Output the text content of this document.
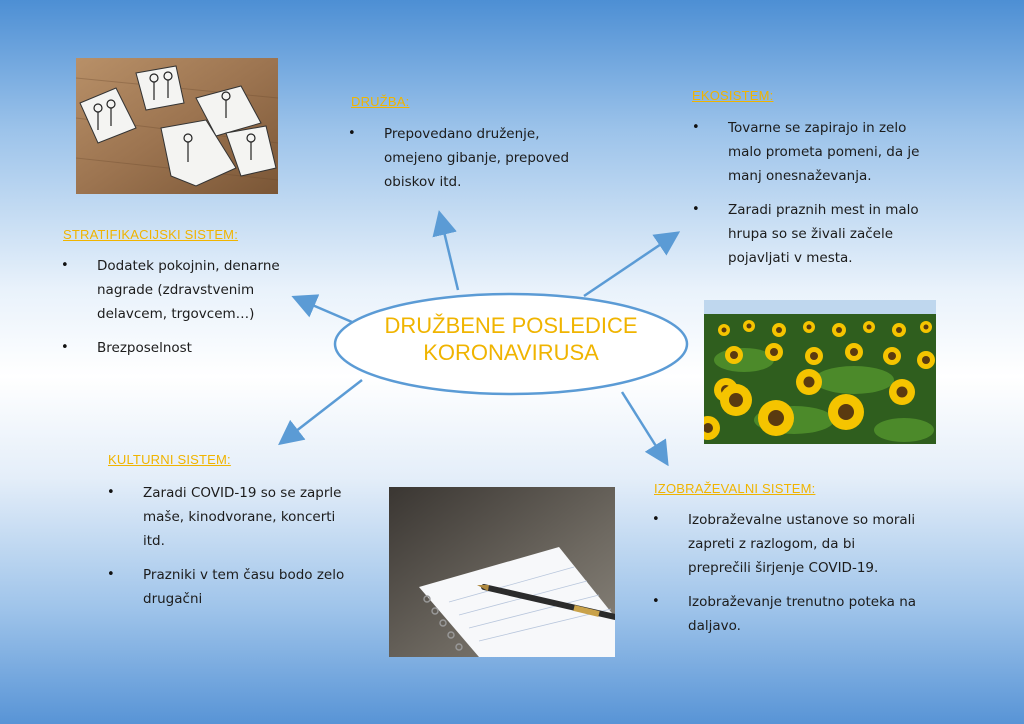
DRUŽBENE POSLEDICE
KORONAVIRUSA
DRUŽBA:
• Prepovedano druženje, omejeno gibanje, prepoved obiskov itd.
EKOSISTEM:
• Tovarne se zapirajo in zelo malo prometa pomeni, da je manj onesnaževanja.
• Zaradi praznih mest in malo hrupa so se živali začele pojavljati v mesta.
STRATIFIKACIJSKI SISTEM:
• Dodatek pokojnin, denarne nagrade (zdravstvenim delavcem, trgovcem…)
• Brezposelnost
KULTURNI SISTEM:
• Zaradi COVID-19 so se zaprle maše, kinodvorane, koncerti itd.
• Prazniki v tem času bodo zelo drugačni
IZOBRAŽEVALNI SISTEM:
• Izobraževalne ustanove so morali zapreti z razlogom, da bi preprečili širjenje COVID-19.
• Izobraževanje trenutno poteka na daljavo.
